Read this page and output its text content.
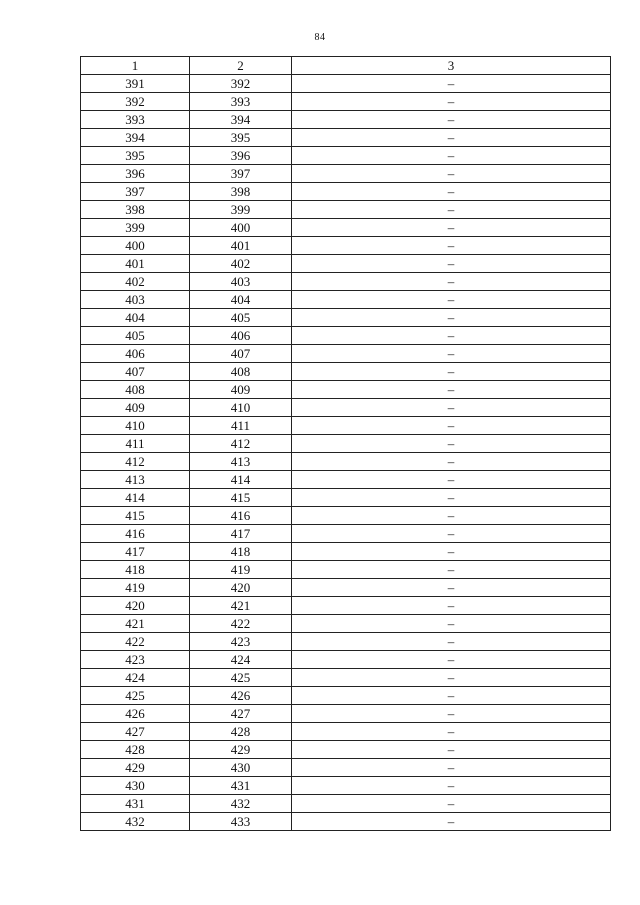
84
1	2	3
391	392	–
392	393	–
393	394	–
394	395	–
395	396	–
396	397	–
397	398	–
398	399	–
399	400	–
400	401	–
401	402	–
402	403	–
403	404	–
404	405	–
405	406	–
406	407	–
407	408	–
408	409	–
409	410	–
410	411	–
411	412	–
412	413	–
413	414	–
414	415	–
415	416	–
416	417	–
417	418	–
418	419	–
419	420	–
420	421	–
421	422	–
422	423	–
423	424	–
424	425	–
425	426	–
426	427	–
427	428	–
428	429	–
429	430	–
430	431	–
431	432	–
432	433	–
